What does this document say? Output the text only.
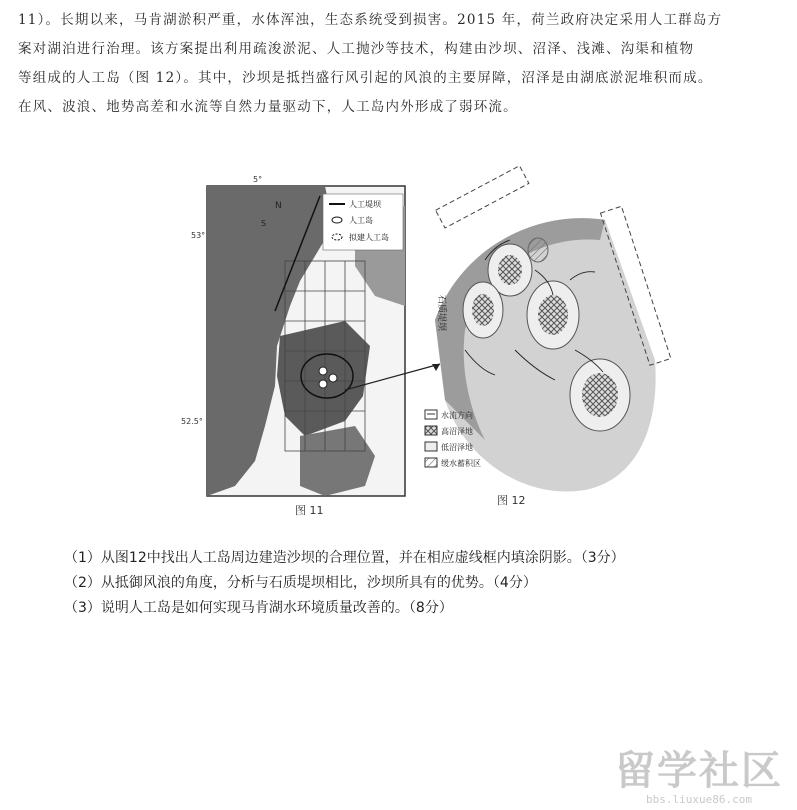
11）。长期以来，马肯湖淤积严重，水体浑浊，生态系统受到损害。2015 年，荷兰政府决定采用人工群岛方
案对湖泊进行治理。该方案提出利用疏浚淤泥、人工抛沙等技术，构建由沙坝、沼泽、浅滩、沟渠和植物
等组成的人工岛（图 12）。其中，沙坝是抵挡盛行风引起的风浪的主要屏障，沼泽是由湖底淤泥堆积而成。
在风、波浪、地势高差和水流等自然力量驱动下，人工岛内外形成了弱环流。
5°
53°
52.5°
N
S
人工堤坝
人工岛
拟建人工岛
图 11
石质堤坝
水流方向
高沼泽地
低沼泽地
缓水蓄积区
图 12
（1）从图12中找出人工岛周边建造沙坝的合理位置，并在相应虚线框内填涂阴影。（3分）
（2）从抵御风浪的角度，分析与石质堤坝相比，沙坝所具有的优势。（4分）
（3）说明人工岛是如何实现马肯湖水环境质量改善的。（8分）
留学社区
bbs.liuxue86.com
